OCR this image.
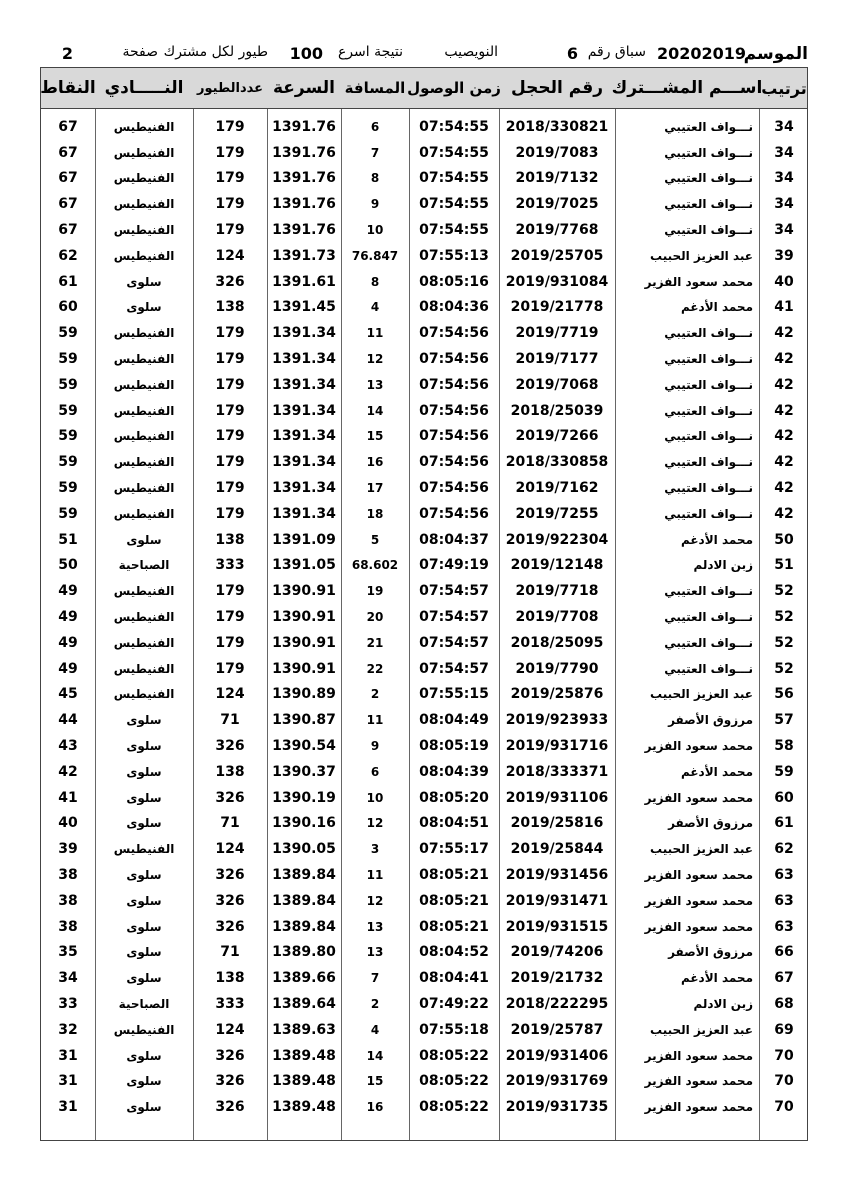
الموسم
20202019
سباق رقم
6
النويصيب
نتيجة اسرع
100
طيور لكل مشترك
صفحة
2
النقاط النـــــادي	عددالطيور السرعة المسافة زمن الوصول رقم الحجل اســـم المشـــترك
ترتيب
67	الفنيطيس	179	1391.76	6	07:54:55	2018/330821	نـــواف العتيبي	34
67	الفنيطيس	179	1391.76	7	07:54:55	2019/7083	نـــواف العتيبي	34
67	الفنيطيس	179	1391.76	8	07:54:55	2019/7132	نـــواف العتيبي	34
67	الفنيطيس	179	1391.76	9	07:54:55	2019/7025	نـــواف العتيبي	34
67	الفنيطيس	179	1391.76	10	07:54:55	2019/7768	نـــواف العتيبي	34
62	الفنيطيس	124	1391.73	76.847	07:55:13	2019/25705	عبد العزيز الحبيب	39
61	سلوى	326	1391.61	8	08:05:16	2019/931084	محمد سعود الفزير	40
60	سلوى	138	1391.45	4	08:04:36	2019/21778	محمد الأدغم	41
59	الفنيطيس	179	1391.34	11	07:54:56	2019/7719	نـــواف العتيبي	42
59	الفنيطيس	179	1391.34	12	07:54:56	2019/7177	نـــواف العتيبي	42
59	الفنيطيس	179	1391.34	13	07:54:56	2019/7068	نـــواف العتيبي	42
59	الفنيطيس	179	1391.34	14	07:54:56	2018/25039	نـــواف العتيبي	42
59	الفنيطيس	179	1391.34	15	07:54:56	2019/7266	نـــواف العتيبي	42
59	الفنيطيس	179	1391.34	16	07:54:56	2018/330858	نـــواف العتيبي	42
59	الفنيطيس	179	1391.34	17	07:54:56	2019/7162	نـــواف العتيبي	42
59	الفنيطيس	179	1391.34	18	07:54:56	2019/7255	نـــواف العتيبي	42
51	سلوى	138	1391.09	5	08:04:37	2019/922304	محمد الأدغم	50
50	الصباحية	333	1391.05	68.602	07:49:19	2019/12148	زبن الادلم	51
49	الفنيطيس	179	1390.91	19	07:54:57	2019/7718	نـــواف العتيبي	52
49	الفنيطيس	179	1390.91	20	07:54:57	2019/7708	نـــواف العتيبي	52
49	الفنيطيس	179	1390.91	21	07:54:57	2018/25095	نـــواف العتيبي	52
49	الفنيطيس	179	1390.91	22	07:54:57	2019/7790	نـــواف العتيبي	52
45	الفنيطيس	124	1390.89	2	07:55:15	2019/25876	عبد العزيز الحبيب	56
44	سلوى	71	1390.87	11	08:04:49	2019/923933	مرزوق الأصفر	57
43	سلوى	326	1390.54	9	08:05:19	2019/931716	محمد سعود الفزير	58
42	سلوى	138	1390.37	6	08:04:39	2018/333371	محمد الأدغم	59
41	سلوى	326	1390.19	10	08:05:20	2019/931106	محمد سعود الفزير	60
40	سلوى	71	1390.16	12	08:04:51	2019/25816	مرزوق الأصفر	61
39	الفنيطيس	124	1390.05	3	07:55:17	2019/25844	عبد العزيز الحبيب	62
38	سلوى	326	1389.84	11	08:05:21	2019/931456	محمد سعود الفزير	63
38	سلوى	326	1389.84	12	08:05:21	2019/931471	محمد سعود الفزير	63
38	سلوى	326	1389.84	13	08:05:21	2019/931515	محمد سعود الفزير	63
35	سلوى	71	1389.80	13	08:04:52	2019/74206	مرزوق الأصفر	66
34	سلوى	138	1389.66	7	08:04:41	2019/21732	محمد الأدغم	67
33	الصباحية	333	1389.64	2	07:49:22	2018/222295	زبن الادلم	68
32	الفنيطيس	124	1389.63	4	07:55:18	2019/25787	عبد العزيز الحبيب	69
31	سلوى	326	1389.48	14	08:05:22	2019/931406	محمد سعود الفزير	70
31	سلوى	326	1389.48	15	08:05:22	2019/931769	محمد سعود الفزير	70
31	سلوى	326	1389.48	16	08:05:22	2019/931735	محمد سعود الفزير	70
